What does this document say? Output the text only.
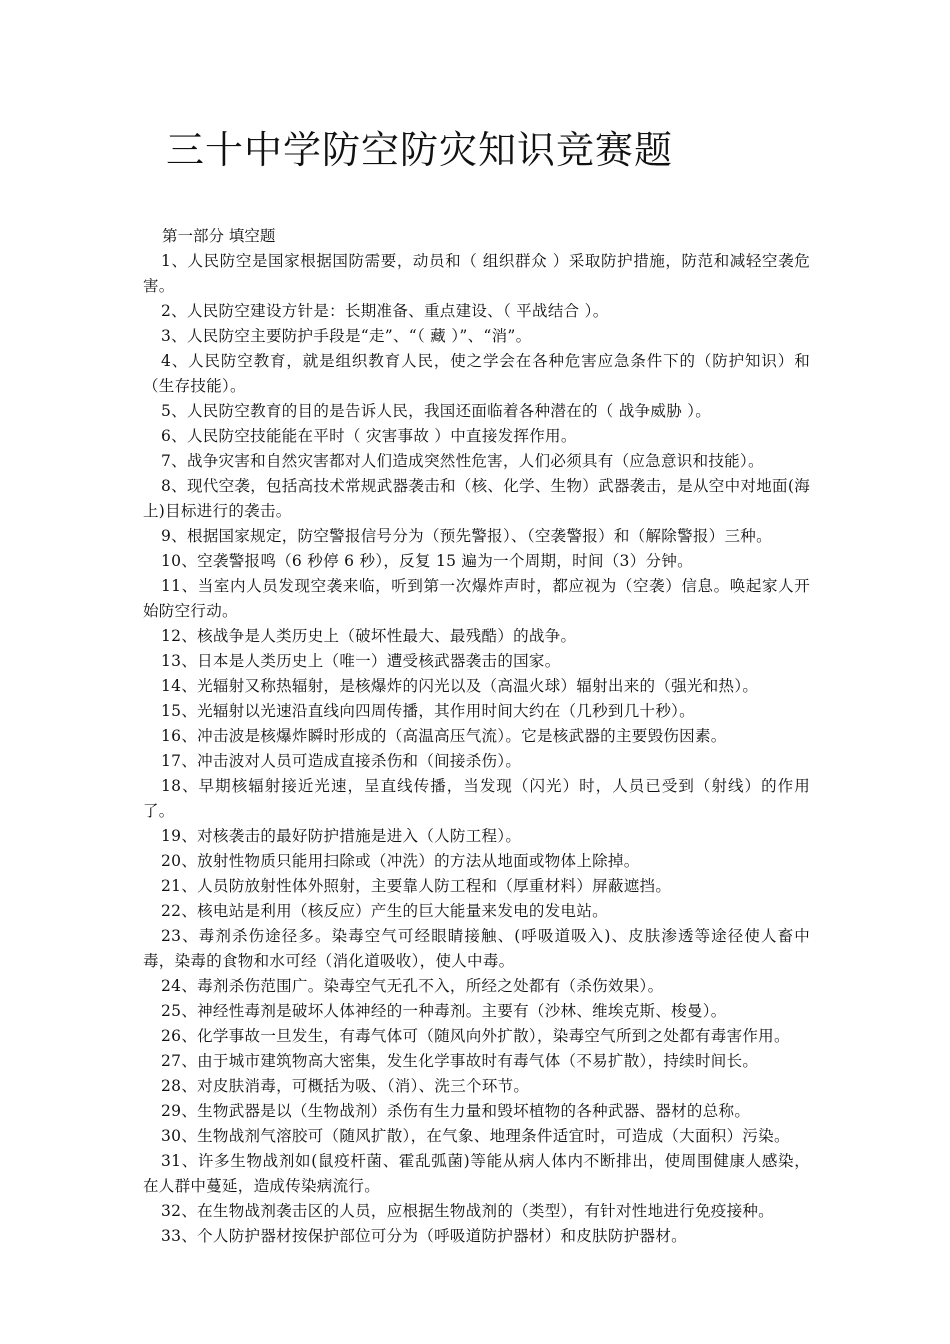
三十中学防空防灾知识竞赛题
第一部分 填空题

1、人民防空是国家根据国防需要，动员和（ 组织群众 ）采取防护措施，防范和减轻空袭危害。

2、人民防空建设方针是：长期准备、重点建设、（ 平战结合 ）。

3、人民防空主要防护手段是“走”、“（ 藏 ）”、“消”。

4、人民防空教育，就是组织教育人民，使之学会在各种危害应急条件下的（防护知识）和（生存技能）。

5、人民防空教育的目的是告诉人民，我国还面临着各种潜在的（ 战争威胁 ）。

6、人民防空技能能在平时（ 灾害事故 ）中直接发挥作用。

7、战争灾害和自然灾害都对人们造成突然性危害，人们必须具有（应急意识和技能）。

8、现代空袭，包括高技术常规武器袭击和（核、化学、生物）武器袭击，是从空中对地面(海上)目标进行的袭击。

9、根据国家规定，防空警报信号分为（预先警报）、（空袭警报）和（解除警报）三种。

10、空袭警报鸣（6 秒停 6 秒），反复 15 遍为一个周期，时间（3）分钟。

11、当室内人员发现空袭来临，听到第一次爆炸声时，都应视为（空袭）信息。唤起家人开始防空行动。

12、核战争是人类历史上（破坏性最大、最残酷）的战争。

13、日本是人类历史上（唯一）遭受核武器袭击的国家。

14、光辐射又称热辐射，是核爆炸的闪光以及（高温火球）辐射出来的（强光和热）。

15、光辐射以光速沿直线向四周传播，其作用时间大约在（几秒到几十秒）。

16、冲击波是核爆炸瞬时形成的（高温高压气流）。它是核武器的主要毁伤因素。

17、冲击波对人员可造成直接杀伤和（间接杀伤）。

18、早期核辐射接近光速，呈直线传播，当发现（闪光）时，人员已受到（射线）的作用了。

19、对核袭击的最好防护措施是进入（人防工程）。

20、放射性物质只能用扫除或（冲洗）的方法从地面或物体上除掉。

21、人员防放射性体外照射，主要靠人防工程和（厚重材料）屏蔽遮挡。

22、核电站是利用（核反应）产生的巨大能量来发电的发电站。

23、毒剂杀伤途径多。染毒空气可经眼睛接触、(呼吸道吸入)、皮肤渗透等途径使人畜中毒，染毒的食物和水可经（消化道吸收），使人中毒。

24、毒剂杀伤范围广。染毒空气无孔不入，所经之处都有（杀伤效果）。

25、神经性毒剂是破坏人体神经的一种毒剂。主要有（沙林、维埃克斯、梭曼）。

26、化学事故一旦发生，有毒气体可（随风向外扩散），染毒空气所到之处都有毒害作用。

27、由于城市建筑物高大密集，发生化学事故时有毒气体（不易扩散），持续时间长。

28、对皮肤消毒，可概括为吸、（消）、洗三个环节。

29、生物武器是以（生物战剂）杀伤有生力量和毁坏植物的各种武器、器材的总称。

30、生物战剂气溶胶可（随风扩散），在气象、地理条件适宜时，可造成（大面积）污染。

31、许多生物战剂如(鼠疫杆菌、霍乱弧菌)等能从病人体内不断排出，使周围健康人感染，在人群中蔓延，造成传染病流行。

32、在生物战剂袭击区的人员，应根据生物战剂的（类型），有针对性地进行免疫接种。

33、个人防护器材按保护部位可分为（呼吸道防护器材）和皮肤防护器材。
